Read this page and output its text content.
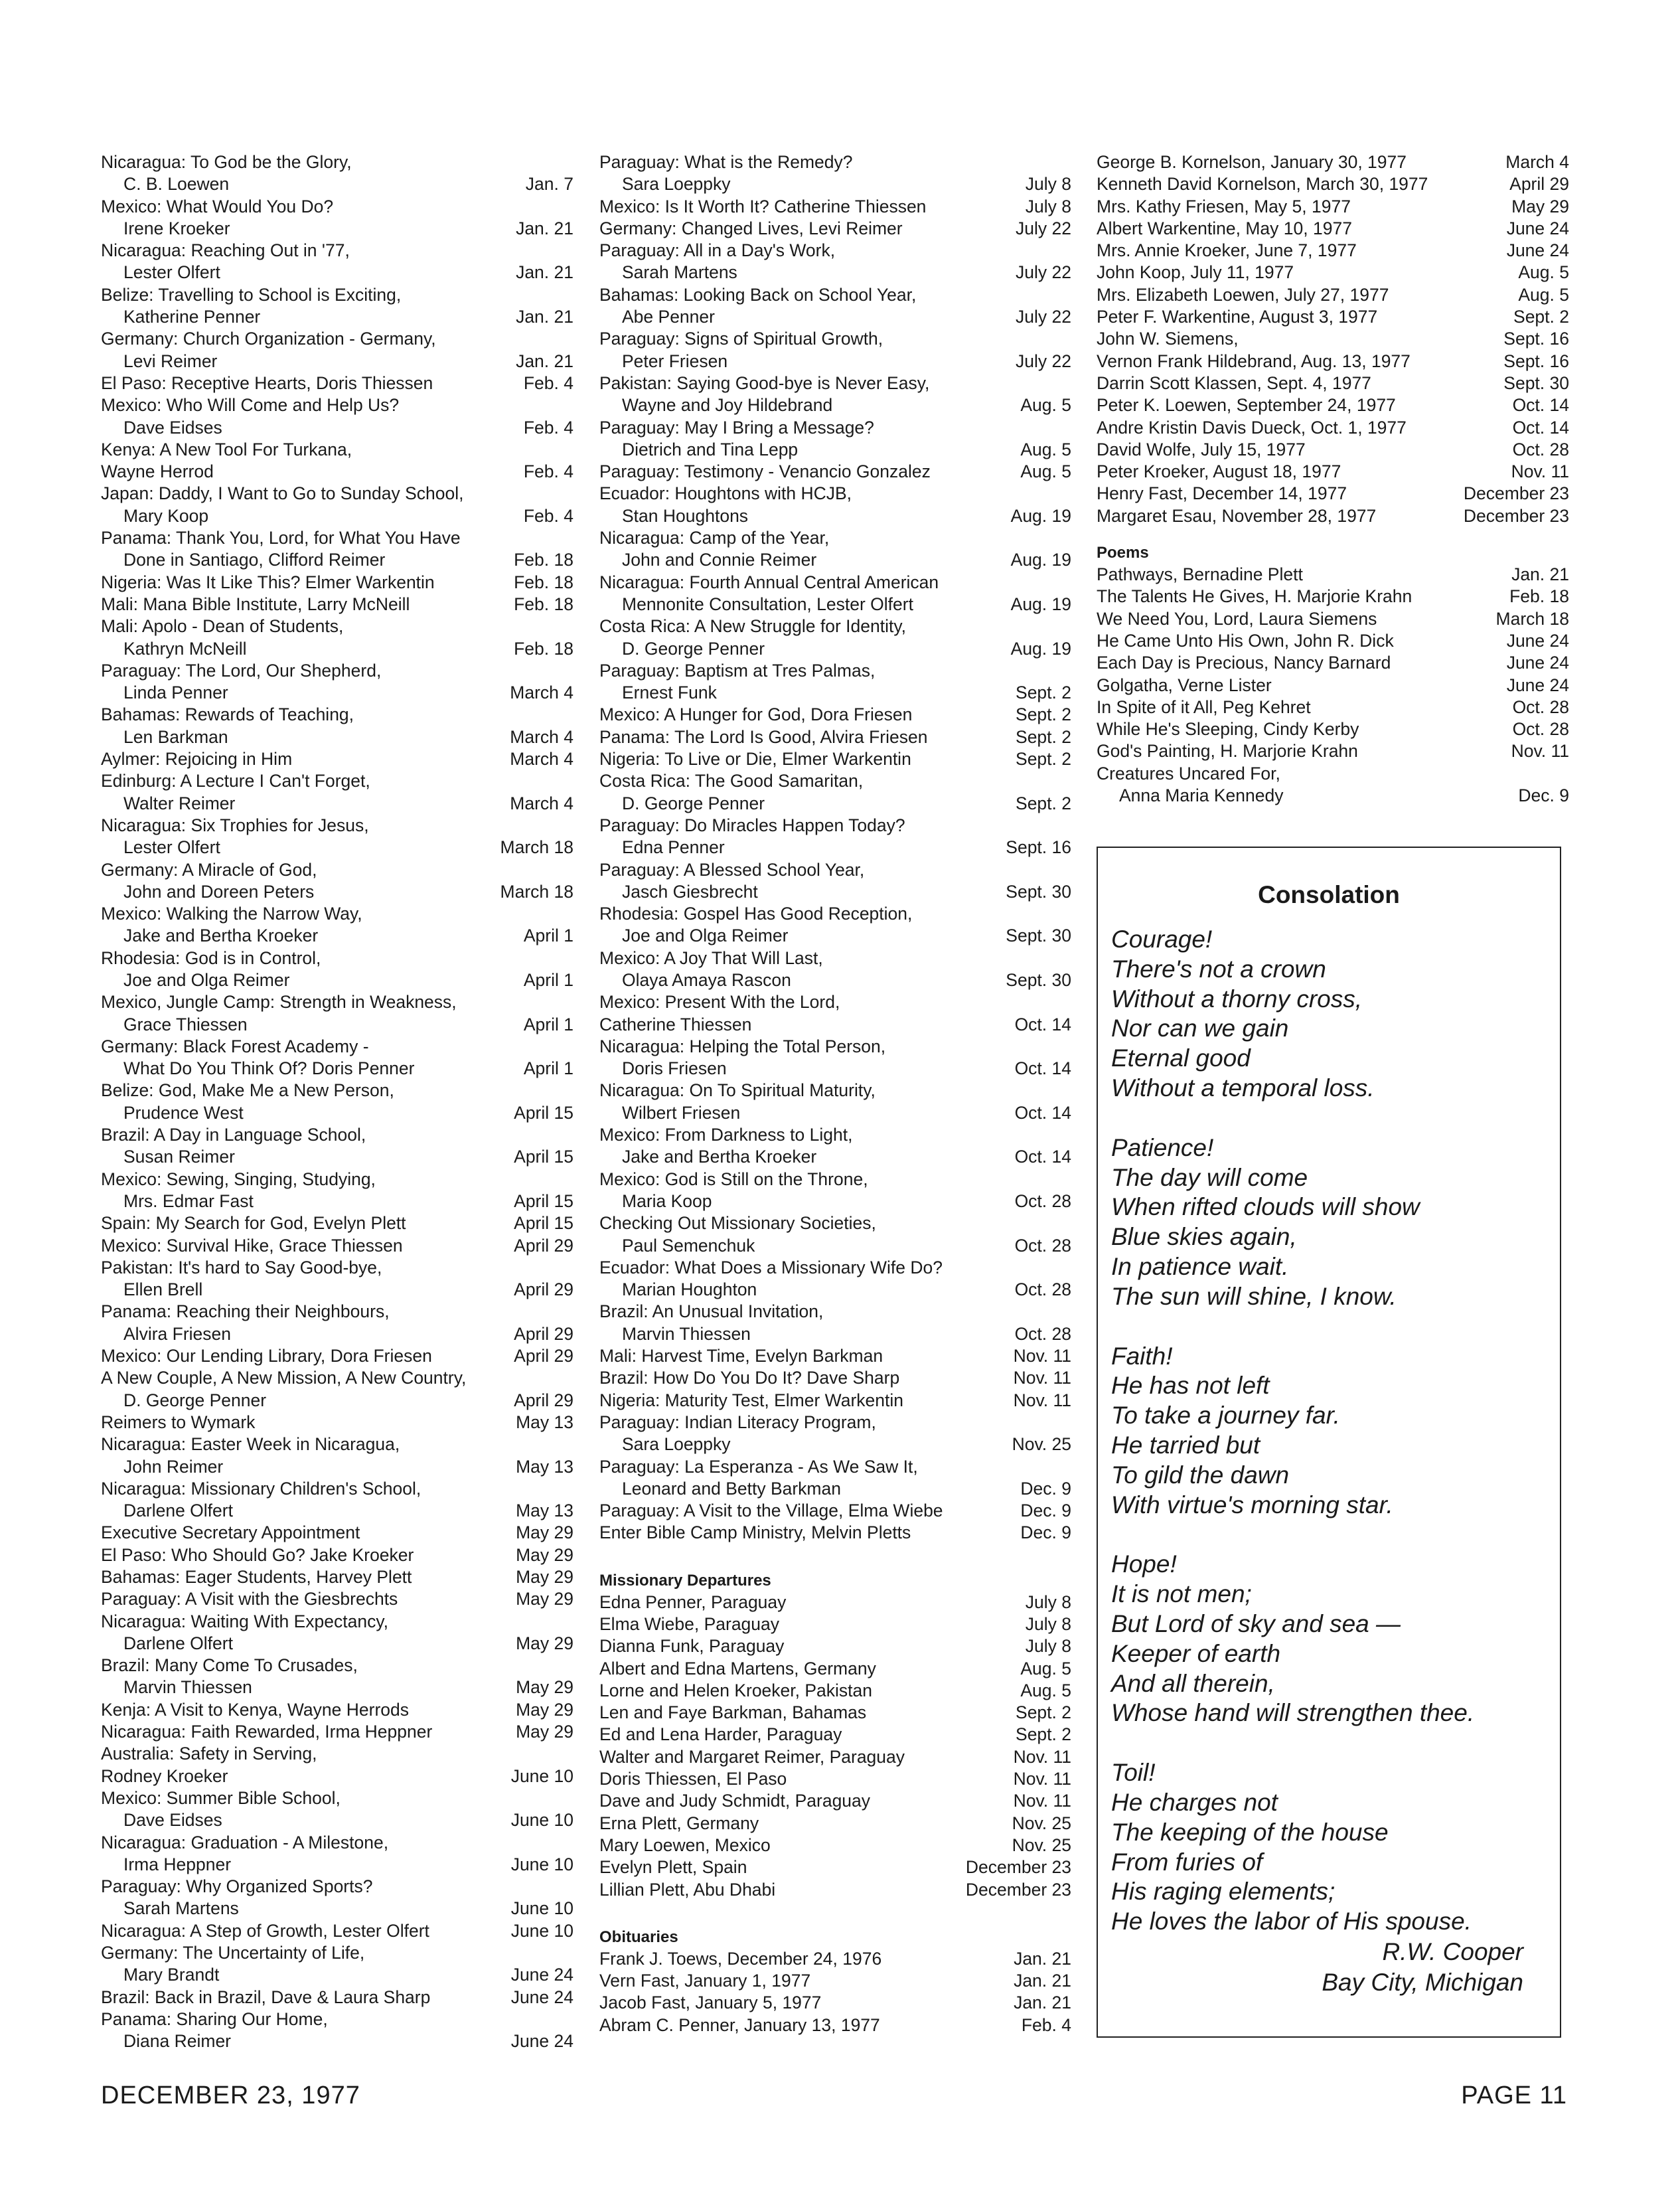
Nicaragua: To God be the Glory,
C. B. Loewen	Jan. 7
Mexico: What Would You Do?
Irene Kroeker	Jan. 21
Nicaragua: Reaching Out in '77,
Lester Olfert	Jan. 21
Belize: Travelling to School is Exciting,
Katherine Penner	Jan. 21
Germany: Church Organization - Germany,
Levi Reimer	Jan. 21
El Paso: Receptive Hearts, Doris Thiessen	Feb. 4
Mexico: Who Will Come and Help Us?
Dave Eidses	Feb. 4
Kenya: A New Tool For Turkana,
Wayne Herrod	Feb. 4
Japan: Daddy, I Want to Go to Sunday School,
Mary Koop	Feb. 4
Panama: Thank You, Lord, for What You Have
Done in Santiago, Clifford Reimer	Feb. 18
Nigeria: Was It Like This? Elmer Warkentin	Feb. 18
Mali: Mana Bible Institute, Larry McNeill	Feb. 18
Mali: Apolo - Dean of Students,
Kathryn McNeill	Feb. 18
Paraguay: The Lord, Our Shepherd,
Linda Penner	March 4
Bahamas: Rewards of Teaching,
Len Barkman	March 4
Aylmer: Rejoicing in Him	March 4
Edinburg: A Lecture I Can't Forget,
Walter Reimer	March 4
Nicaragua: Six Trophies for Jesus,
Lester Olfert	March 18
Germany: A Miracle of God,
John and Doreen Peters	March 18
Mexico: Walking the Narrow Way,
Jake and Bertha Kroeker	April 1
Rhodesia: God is in Control,
Joe and Olga Reimer	April 1
Mexico, Jungle Camp: Strength in Weakness,
Grace Thiessen	April 1
Germany: Black Forest Academy -
What Do You Think Of? Doris Penner	April 1
Belize: God, Make Me a New Person,
Prudence West	April 15
Brazil: A Day in Language School,
Susan Reimer	April 15
Mexico: Sewing, Singing, Studying,
Mrs. Edmar Fast	April 15
Spain: My Search for God, Evelyn Plett	April 15
Mexico: Survival Hike, Grace Thiessen	April 29
Pakistan: It's hard to Say Good-bye,
Ellen Brell	April 29
Panama: Reaching their Neighbours,
Alvira Friesen	April 29
Mexico: Our Lending Library, Dora Friesen	April 29
A New Couple, A New Mission, A New Country,
D. George Penner	April 29
Reimers to Wymark	May 13
Nicaragua: Easter Week in Nicaragua,
John Reimer	May 13
Nicaragua: Missionary Children's School,
Darlene Olfert	May 13
Executive Secretary Appointment	May 29
El Paso: Who Should Go? Jake Kroeker	May 29
Bahamas: Eager Students, Harvey Plett	May 29
Paraguay: A Visit with the Giesbrechts	May 29
Nicaragua: Waiting With Expectancy,
Darlene Olfert	May 29
Brazil: Many Come To Crusades,
Marvin Thiessen	May 29
Kenja: A Visit to Kenya, Wayne Herrods	May 29
Nicaragua: Faith Rewarded, Irma Heppner	May 29
Australia: Safety in Serving,
Rodney Kroeker	June 10
Mexico: Summer Bible School,
Dave Eidses	June 10
Nicaragua: Graduation - A Milestone,
Irma Heppner	June 10
Paraguay: Why Organized Sports?
Sarah Martens	June 10
Nicaragua: A Step of Growth, Lester Olfert	June 10
Germany: The Uncertainty of Life,
Mary Brandt	June 24
Brazil: Back in Brazil, Dave & Laura Sharp	June 24
Panama: Sharing Our Home,
Diana Reimer	June 24
Paraguay: What is the Remedy?
Sara Loeppky	July 8
Mexico: Is It Worth It? Catherine Thiessen	July 8
Germany: Changed Lives, Levi Reimer	July 22
Paraguay: All in a Day's Work,
Sarah Martens	July 22
Bahamas: Looking Back on School Year,
Abe Penner	July 22
Paraguay: Signs of Spiritual Growth,
Peter Friesen	July 22
Pakistan: Saying Good-bye is Never Easy,
Wayne and Joy Hildebrand	Aug. 5
Paraguay: May I Bring a Message?
Dietrich and Tina Lepp	Aug. 5
Paraguay: Testimony - Venancio Gonzalez	Aug. 5
Ecuador: Houghtons with HCJB,
Stan Houghtons	Aug. 19
Nicaragua: Camp of the Year,
John and Connie Reimer	Aug. 19
Nicaragua: Fourth Annual Central American
Mennonite Consultation, Lester Olfert	Aug. 19
Costa Rica: A New Struggle for Identity,
D. George Penner	Aug. 19
Paraguay: Baptism at Tres Palmas,
Ernest Funk	Sept. 2
Mexico: A Hunger for God, Dora Friesen	Sept. 2
Panama: The Lord Is Good, Alvira Friesen	Sept. 2
Nigeria: To Live or Die, Elmer Warkentin	Sept. 2
Costa Rica: The Good Samaritan,
D. George Penner	Sept. 2
Paraguay: Do Miracles Happen Today?
Edna Penner	Sept. 16
Paraguay: A Blessed School Year,
Jasch Giesbrecht	Sept. 30
Rhodesia: Gospel Has Good Reception,
Joe and Olga Reimer	Sept. 30
Mexico: A Joy That Will Last,
Olaya Amaya Rascon	Sept. 30
Mexico: Present With the Lord,
Catherine Thiessen	Oct. 14
Nicaragua: Helping the Total Person,
Doris Friesen	Oct. 14
Nicaragua: On To Spiritual Maturity,
Wilbert Friesen	Oct. 14
Mexico: From Darkness to Light,
Jake and Bertha Kroeker	Oct. 14
Mexico: God is Still on the Throne,
Maria Koop	Oct. 28
Checking Out Missionary Societies,
Paul Semenchuk	Oct. 28
Ecuador: What Does a Missionary Wife Do?
Marian Houghton	Oct. 28
Brazil: An Unusual Invitation,
Marvin Thiessen	Oct. 28
Mali: Harvest Time, Evelyn Barkman	Nov. 11
Brazil: How Do You Do It? Dave Sharp	Nov. 11
Nigeria: Maturity Test, Elmer Warkentin	Nov. 11
Paraguay: Indian Literacy Program,
Sara Loeppky	Nov. 25
Paraguay: La Esperanza - As We Saw It,
Leonard and Betty Barkman	Dec. 9
Paraguay: A Visit to the Village, Elma Wiebe	Dec. 9
Enter Bible Camp Ministry, Melvin Pletts	Dec. 9
Missionary Departures
Edna Penner, Paraguay	July 8
Elma Wiebe, Paraguay	July 8
Dianna Funk, Paraguay	July 8
Albert and Edna Martens, Germany	Aug. 5
Lorne and Helen Kroeker, Pakistan	Aug. 5
Len and Faye Barkman, Bahamas	Sept. 2
Ed and Lena Harder, Paraguay	Sept. 2
Walter and Margaret Reimer, Paraguay	Nov. 11
Doris Thiessen, El Paso	Nov. 11
Dave and Judy Schmidt, Paraguay	Nov. 11
Erna Plett, Germany	Nov. 25
Mary Loewen, Mexico	Nov. 25
Evelyn Plett, Spain	December 23
Lillian Plett, Abu Dhabi	December 23
Obituaries
Frank J. Toews, December 24, 1976	Jan. 21
Vern Fast, January 1, 1977	Jan. 21
Jacob Fast, January 5, 1977	Jan. 21
Abram C. Penner, January 13, 1977	Feb. 4
George B. Kornelson, January 30, 1977	March 4
Kenneth David Kornelson, March 30, 1977	April 29
Mrs. Kathy Friesen, May 5, 1977	May 29
Albert Warkentine, May 10, 1977	June 24
Mrs. Annie Kroeker, June 7, 1977	June 24
John Koop, July 11, 1977	Aug. 5
Mrs. Elizabeth Loewen, July 27, 1977	Aug. 5
Peter F. Warkentine, August 3, 1977	Sept. 2
John W. Siemens,	Sept. 16
Vernon Frank Hildebrand, Aug. 13, 1977	Sept. 16
Darrin Scott Klassen, Sept. 4, 1977	Sept. 30
Peter K. Loewen, September 24, 1977	Oct. 14
Andre Kristin Davis Dueck, Oct. 1, 1977	Oct. 14
David Wolfe, July 15, 1977	Oct. 28
Peter Kroeker, August 18, 1977	Nov. 11
Henry Fast, December 14, 1977	December 23
Margaret Esau, November 28, 1977	December 23
Poems
Pathways, Bernadine Plett	Jan. 21
The Talents He Gives, H. Marjorie Krahn	Feb. 18
We Need You, Lord, Laura Siemens	March 18
He Came Unto His Own, John R. Dick	June 24
Each Day is Precious, Nancy Barnard	June 24
Golgatha, Verne Lister	June 24
In Spite of it All, Peg Kehret	Oct. 28
While He's Sleeping, Cindy Kerby	Oct. 28
God's Painting, H. Marjorie Krahn	Nov. 11
Creatures Uncared For,
Anna Maria Kennedy	Dec. 9
Consolation
Courage!
There's not a crown
Without a thorny cross,
Nor can we gain
Eternal good
Without a temporal loss.
Patience!
The day will come
When rifted clouds will show
Blue skies again,
In patience wait.
The sun will shine, I know.
Faith!
He has not left
To take a journey far.
He tarried but
To gild the dawn
With virtue's morning star.
Hope!
It is not men;
But Lord of sky and sea —
Keeper of earth
And all therein,
Whose hand will strengthen thee.
Toil!
He charges not
The keeping of the house
From furies of
His raging elements;
He loves the labor of His spouse.
R.W. Cooper
Bay City, Michigan
DECEMBER 23, 1977	PAGE 11
